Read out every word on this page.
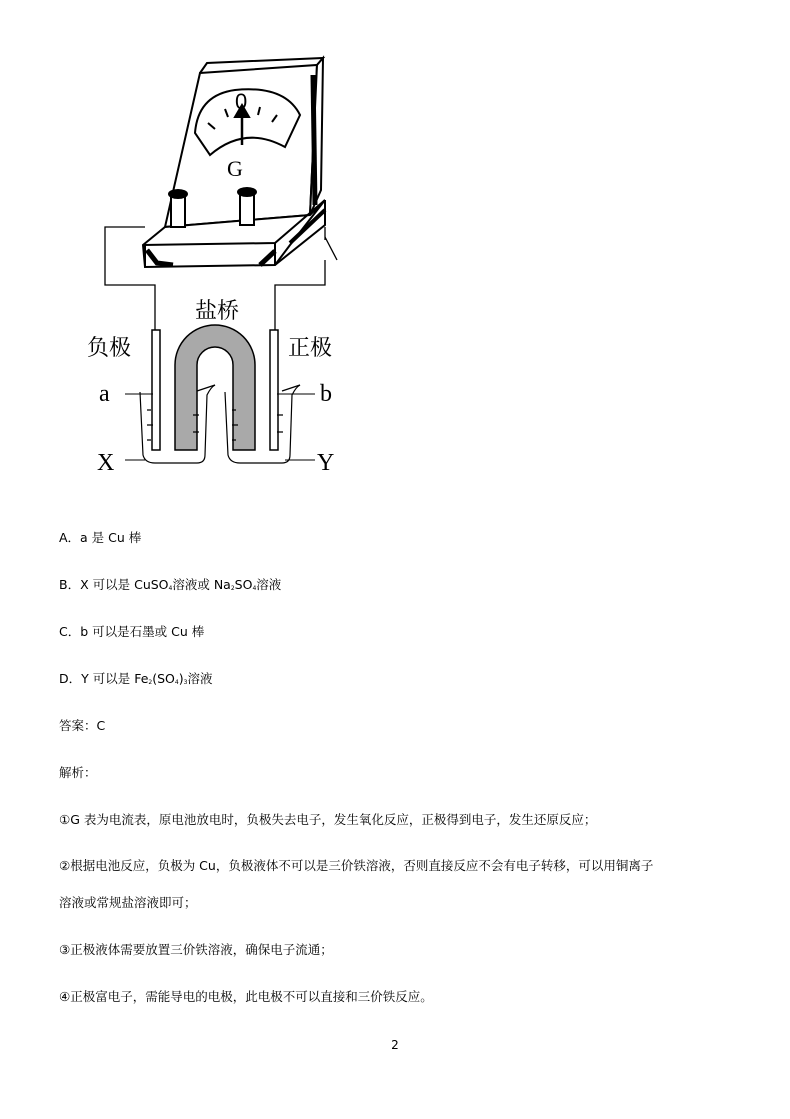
0
G
盐桥
负极	正极
a	b
X	Y
A．a 是 Cu 棒
B．X 可以是 CuSO4溶液或 Na2SO4溶液
C．b 可以是石墨或 Cu 棒
D．Y 可以是 Fe2(SO4)3溶液
答案：C
解析：
①G 表为电流表，原电池放电时，负极失去电子，发生氧化反应，正极得到电子，发生还原反应；
②根据电池反应，负极为 Cu，负极液体不可以是三价铁溶液，否则直接反应不会有电子转移，可以用铜离子
溶液或常规盐溶液即可；
③正极液体需要放置三价铁溶液，确保电子流通；
④正极富电子，需能导电的电极，此电极不可以直接和三价铁反应。
2
